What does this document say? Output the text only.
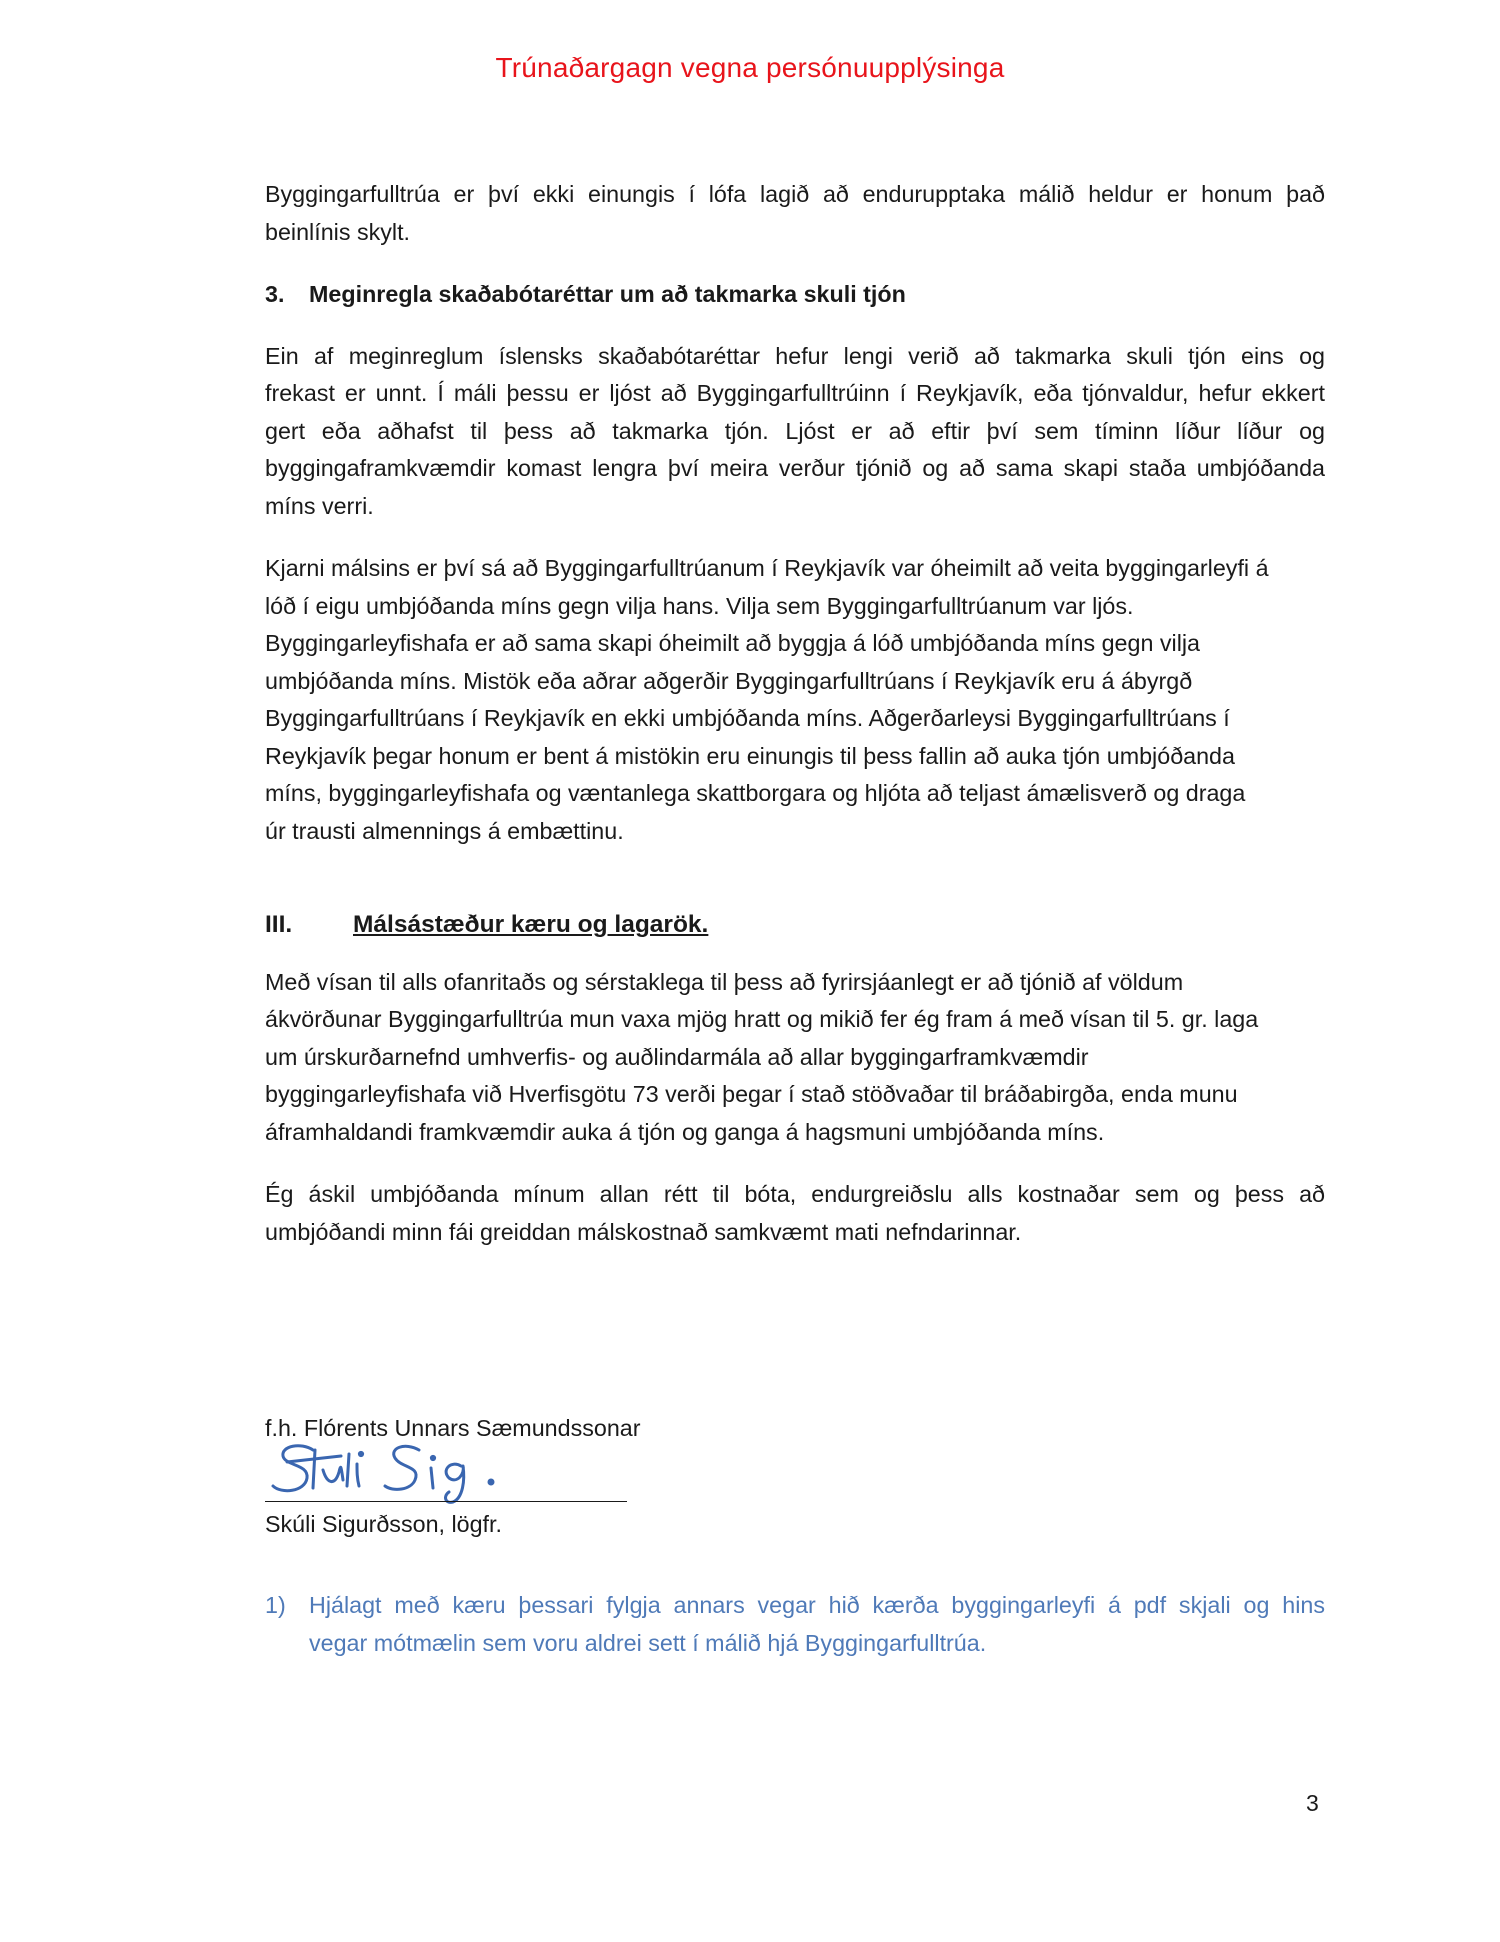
Trúnaðargagn vegna persónuupplýsinga
Byggingarfulltrúa er því ekki einungis í lófa lagið að endurupptaka málið heldur er honum það
beinlínis skylt.
3.	Meginregla skaðabótaréttar um að takmarka skuli tjón
Ein af meginreglum íslensks skaðabótaréttar hefur lengi verið að takmarka skuli tjón eins og
frekast er unnt. Í máli þessu er ljóst að Byggingarfulltrúinn í Reykjavík, eða tjónvaldur, hefur ekkert
gert eða aðhafst til þess að takmarka tjón. Ljóst er að eftir því sem tíminn líður líður og
byggingaframkvæmdir komast lengra því meira verður tjónið og að sama skapi staða umbjóðanda
míns verri.
Kjarni málsins er því sá að Byggingarfulltrúanum í Reykjavík var óheimilt að veita byggingarleyfi á
lóð í eigu umbjóðanda míns gegn vilja hans. Vilja sem Byggingarfulltrúanum var ljós.
Byggingarleyfishafa er að sama skapi óheimilt að byggja á lóð umbjóðanda míns gegn vilja
umbjóðanda míns. Mistök eða aðrar aðgerðir Byggingarfulltrúans í Reykjavík eru á ábyrgð
Byggingarfulltrúans í Reykjavík en ekki umbjóðanda míns. Aðgerðarleysi Byggingarfulltrúans í
Reykjavík þegar honum er bent á mistökin eru einungis til þess fallin að auka tjón umbjóðanda
míns, byggingarleyfishafa og væntanlega skattborgara og hljóta að teljast ámælisverð og draga
úr trausti almennings á embættinu.
III.	Málsástæður kæru og lagarök.
Með vísan til alls ofanritaðs og sérstaklega til þess að fyrirsjáanlegt er að tjónið af völdum
ákvörðunar Byggingarfulltrúa mun vaxa mjög hratt og mikið fer ég fram á með vísan til 5. gr. laga
um úrskurðarnefnd umhverfis- og auðlindarmála að allar byggingarframkvæmdir
byggingarleyfishafa við Hverfisgötu 73 verði þegar í stað stöðvaðar til bráðabirgða, enda munu
áframhaldandi framkvæmdir auka á tjón og ganga á hagsmuni umbjóðanda míns.
Ég áskil umbjóðanda mínum allan rétt til bóta, endurgreiðslu alls kostnaðar sem og þess að
umbjóðandi minn fái greiddan málskostnað samkvæmt mati nefndarinnar.
f.h. Flórents Unnars Sæmundssonar
Skúli Sigurðsson, lögfr.
1) Hjálagt með kæru þessari fylgja annars vegar hið kærða byggingarleyfi á pdf skjali og hins
vegar mótmælin sem voru aldrei sett í málið hjá Byggingarfulltrúa.
3
